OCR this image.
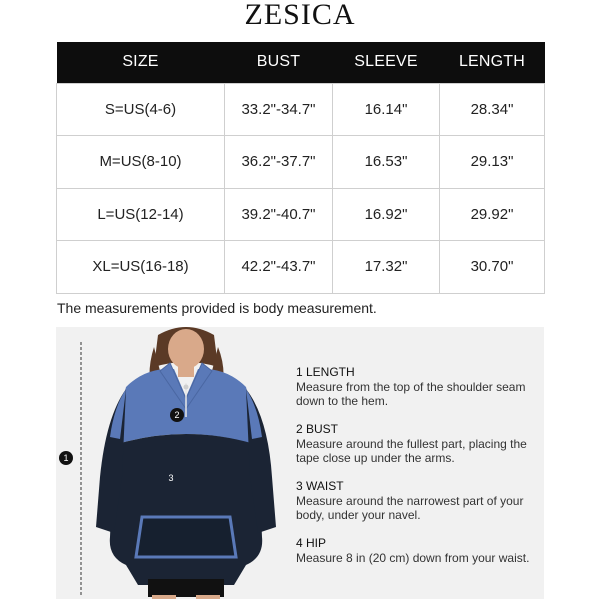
ZESICA
SIZE	BUST	SLEEVE	LENGTH
S=US(4-6)	33.2"-34.7"	16.14"	28.34"
M=US(8-10)	36.2"-37.7"	16.53"	29.13"
L=US(12-14)	39.2"-40.7"	16.92"	29.92"
XL=US(16-18)	42.2"-43.7"	17.32"	30.70"
The measurements provided is body measurement.
1
2
3
1 LENGTH
Measure from the top of the shoulder seam down to the hem.
2 BUST
Measure around the fullest part, placing the tape close up under the arms.
3 WAIST
Measure around the narrowest part of your body, under your navel.
4 HIP
Measure 8 in (20 cm) down from your waist.
